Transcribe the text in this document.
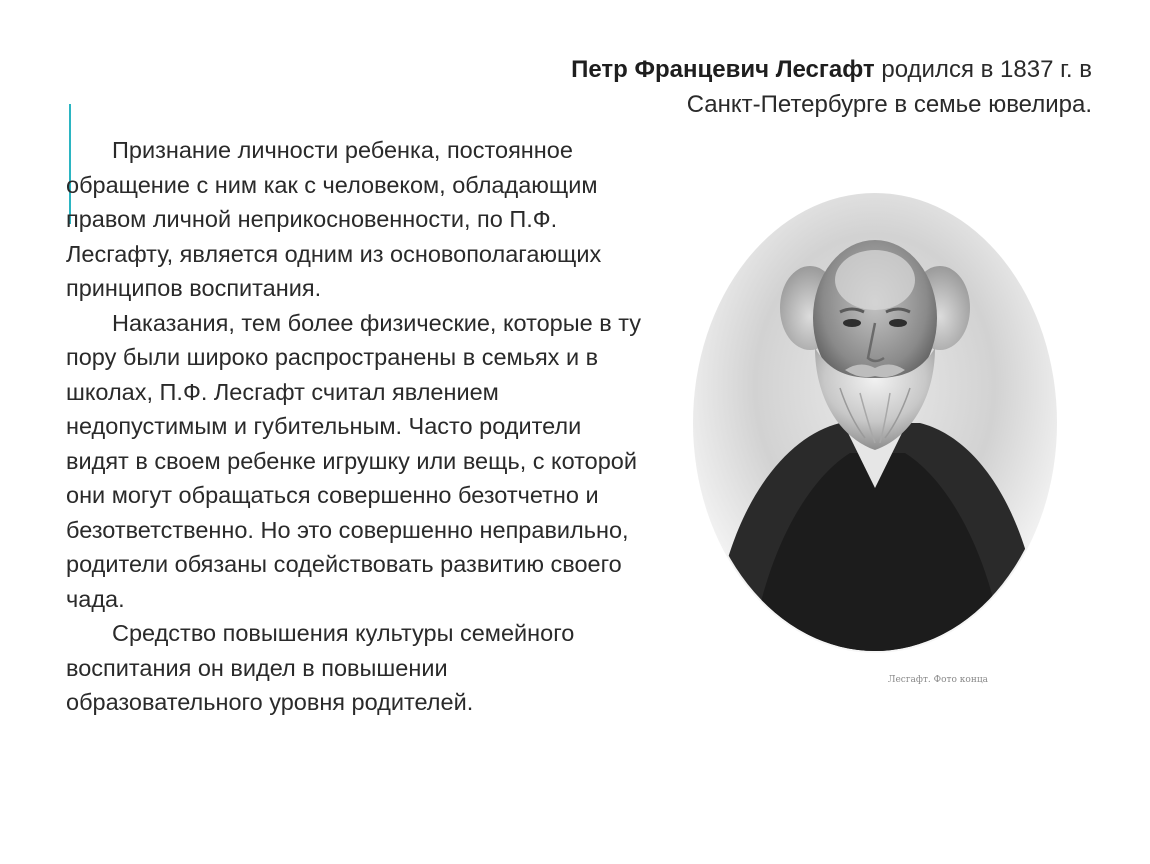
Петр Францевич Лесгафт родился в 1837 г. в
Санкт-Петербурге в семье ювелира.

Признание личности ребенка, постоянное обращение с ним как с человеком, обладающим правом личной неприкосновенности, по П.Ф. Лесгафту, является одним из основополагающих принципов воспитания.

Наказания, тем более физические, которые в ту пору были широко распространены в семьях и в школах, П.Ф. Лесгафт считал явлением недопустимым и губительным. Часто родители видят в своем ребенке игрушку или вещь, с которой они могут обращаться совершенно безотчетно и безответственно. Но это совершенно неправильно, родители обязаны содействовать развитию своего чада.

Средство повышения культуры семейного воспитания он видел в повышении образовательного уровня родителей.

Лесгафт. Фото конца
